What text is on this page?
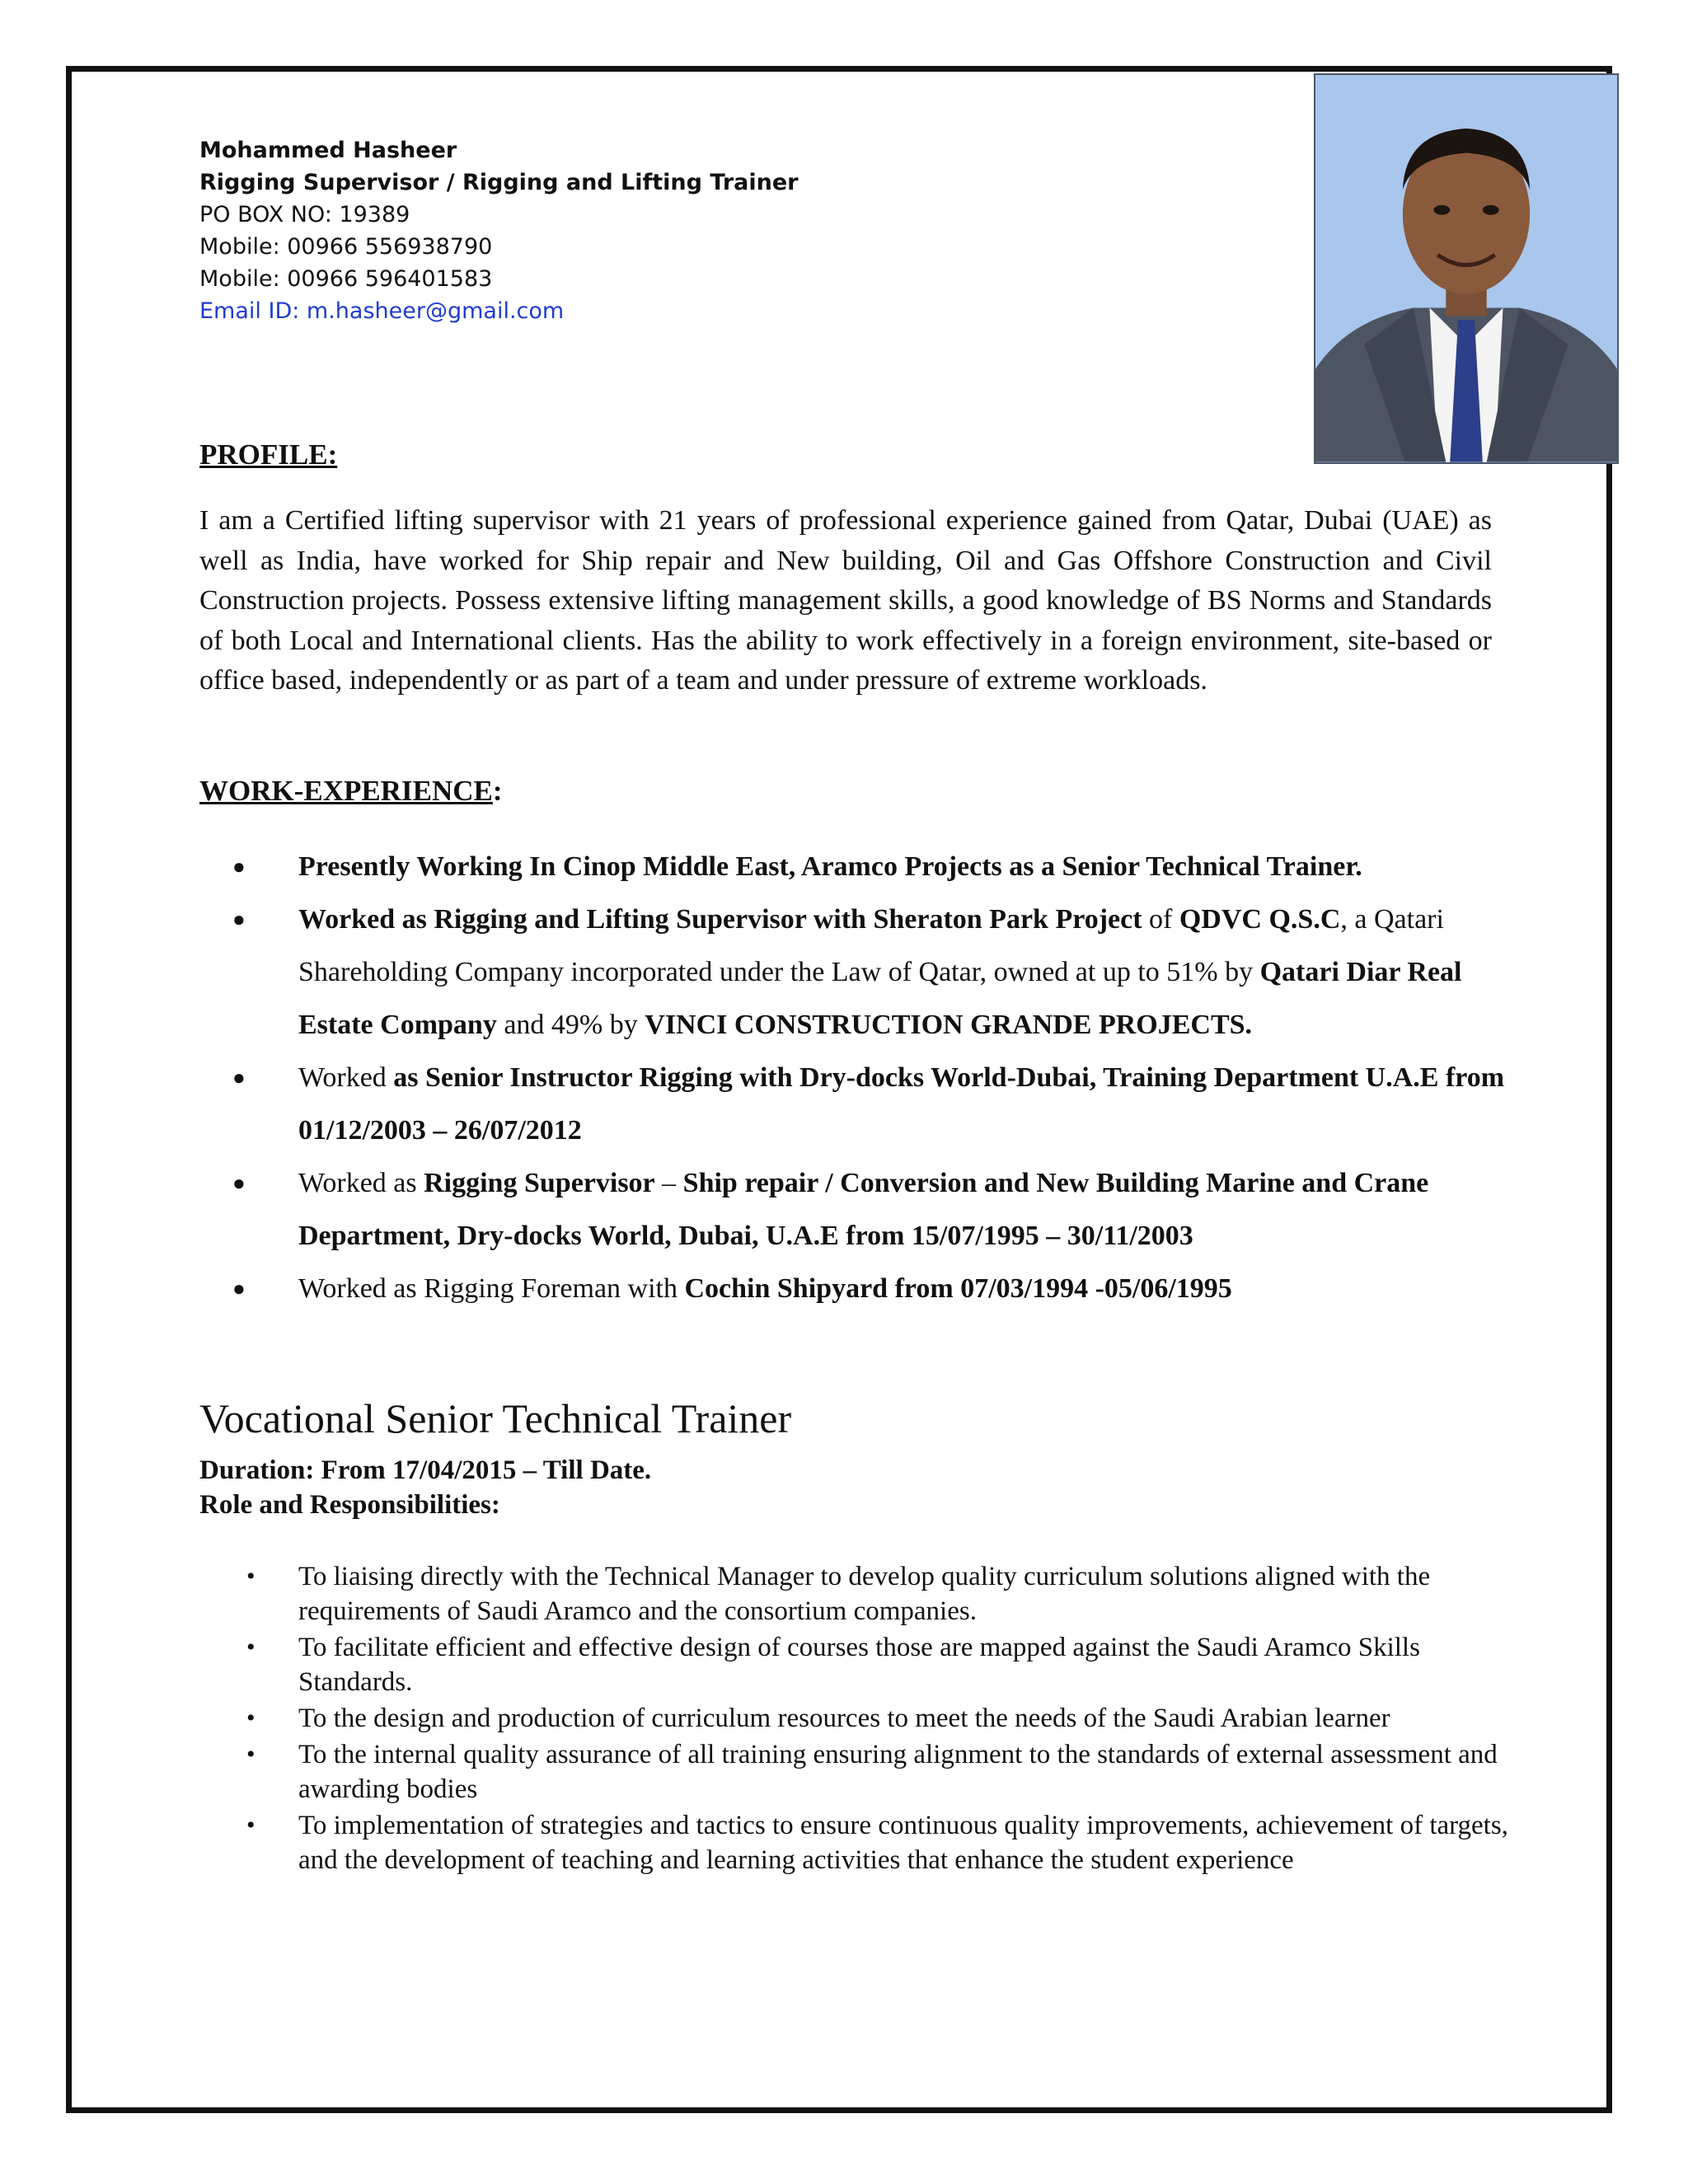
Mohammed Hasheer
Rigging Supervisor / Rigging and Lifting Trainer
PO BOX NO: 19389
Mobile: 00966 556938790
Mobile: 00966 596401583
Email ID: m.hasheer@gmail.com
PROFILE:
I am a Certified lifting supervisor with 21 years of professional experience gained from Qatar, Dubai (UAE) as well as India, have worked for Ship repair and New building, Oil and Gas Offshore Construction and Civil Construction projects. Possess extensive lifting management skills, a good knowledge of BS Norms and Standards of both Local and International clients. Has the ability to work effectively in a foreign environment, site-based or office based, independently or as part of a team and under pressure of extreme workloads.
WORK-EXPERIENCE:
● Presently Working In Cinop Middle East, Aramco Projects as a Senior Technical Trainer.
● Worked as Rigging and Lifting Supervisor with Sheraton Park Project of QDVC Q.S.C, a Qatari Shareholding Company incorporated under the Law of Qatar, owned at up to 51% by Qatari Diar Real Estate Company and 49% by VINCI CONSTRUCTION GRANDE PROJECTS.
● Worked as Senior Instructor Rigging with Dry-docks World-Dubai, Training Department U.A.E from 01/12/2003 – 26/07/2012
● Worked as Rigging Supervisor – Ship repair / Conversion and New Building Marine and Crane Department, Dry-docks World, Dubai, U.A.E from 15/07/1995 – 30/11/2003
● Worked as Rigging Foreman with Cochin Shipyard from 07/03/1994 -05/06/1995
Vocational Senior Technical Trainer
Duration: From 17/04/2015 – Till Date.
Role and Responsibilities:
• To liaising directly with the Technical Manager to develop quality curriculum solutions aligned with the requirements of Saudi Aramco and the consortium companies.
• To facilitate efficient and effective design of courses those are mapped against the Saudi Aramco Skills Standards.
• To the design and production of curriculum resources to meet the needs of the Saudi Arabian learner
• To the internal quality assurance of all training ensuring alignment to the standards of external assessment and awarding bodies
• To implementation of strategies and tactics to ensure continuous quality improvements, achievement of targets, and the development of teaching and learning activities that enhance the student experience
